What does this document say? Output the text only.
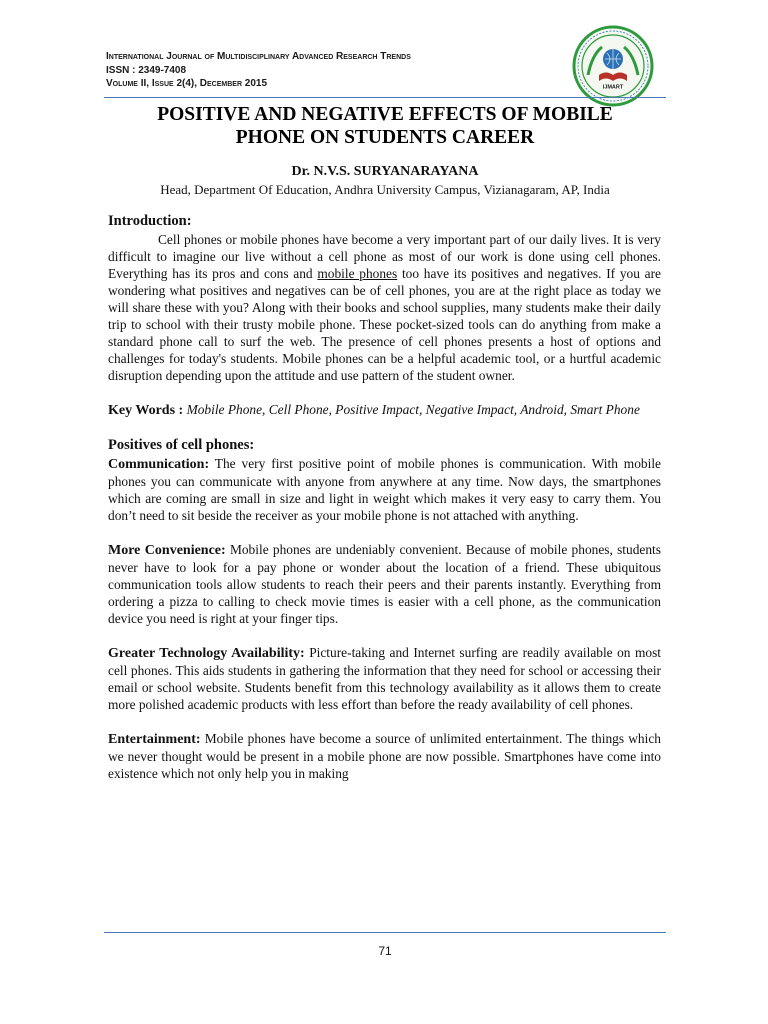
International Journal of Multidisciplinary Advanced Research Trends
ISSN : 2349-7408
Volume II, Issue 2(4), December 2015	IJMART
POSITIVE AND NEGATIVE EFFECTS OF MOBILE
PHONE ON STUDENTS CAREER
Dr. N.V.S. SURYANARAYANA
Head, Department Of Education, Andhra University Campus, Vizianagaram, AP, India
Introduction:

Cell phones or mobile phones have become a very important part of our daily lives. It is very difficult to imagine our live without a cell phone as most of our work is done using cell phones. Everything has its pros and cons and mobile phones too have its positives and negatives. If you are wondering what positives and negatives can be of cell phones, you are at the right place as today we will share these with you? Along with their books and school supplies, many students make their daily trip to school with their trusty mobile phone. These pocket-sized tools can do anything from make a standard phone call to surf the web. The presence of cell phones presents a host of options and challenges for today's students. Mobile phones can be a helpful academic tool, or a hurtful academic disruption depending upon the attitude and use pattern of the student owner.

Key Words : Mobile Phone, Cell Phone, Positive Impact, Negative Impact, Android, Smart Phone

Positives of cell phones:

Communication: The very first positive point of mobile phones is communication. With mobile phones you can communicate with anyone from anywhere at any time. Now days, the smartphones which are coming are small in size and light in weight which makes it very easy to carry them. You don’t need to sit beside the receiver as your mobile phone is not attached with anything.

More Convenience: Mobile phones are undeniably convenient. Because of mobile phones, students never have to look for a pay phone or wonder about the location of a friend. These ubiquitous communication tools allow students to reach their peers and their parents instantly. Everything from ordering a pizza to calling to check movie times is easier with a cell phone, as the communication device you need is right at your finger tips.

Greater Technology Availability: Picture-taking and Internet surfing are readily available on most cell phones. This aids students in gathering the information that they need for school or accessing their email or school website. Students benefit from this technology availability as it allows them to create more polished academic products with less effort than before the ready availability of cell phones.

Entertainment: Mobile phones have become a source of unlimited entertainment. The things which we never thought would be present in a mobile phone are now possible. Smartphones have come into existence which not only help you in making

71
